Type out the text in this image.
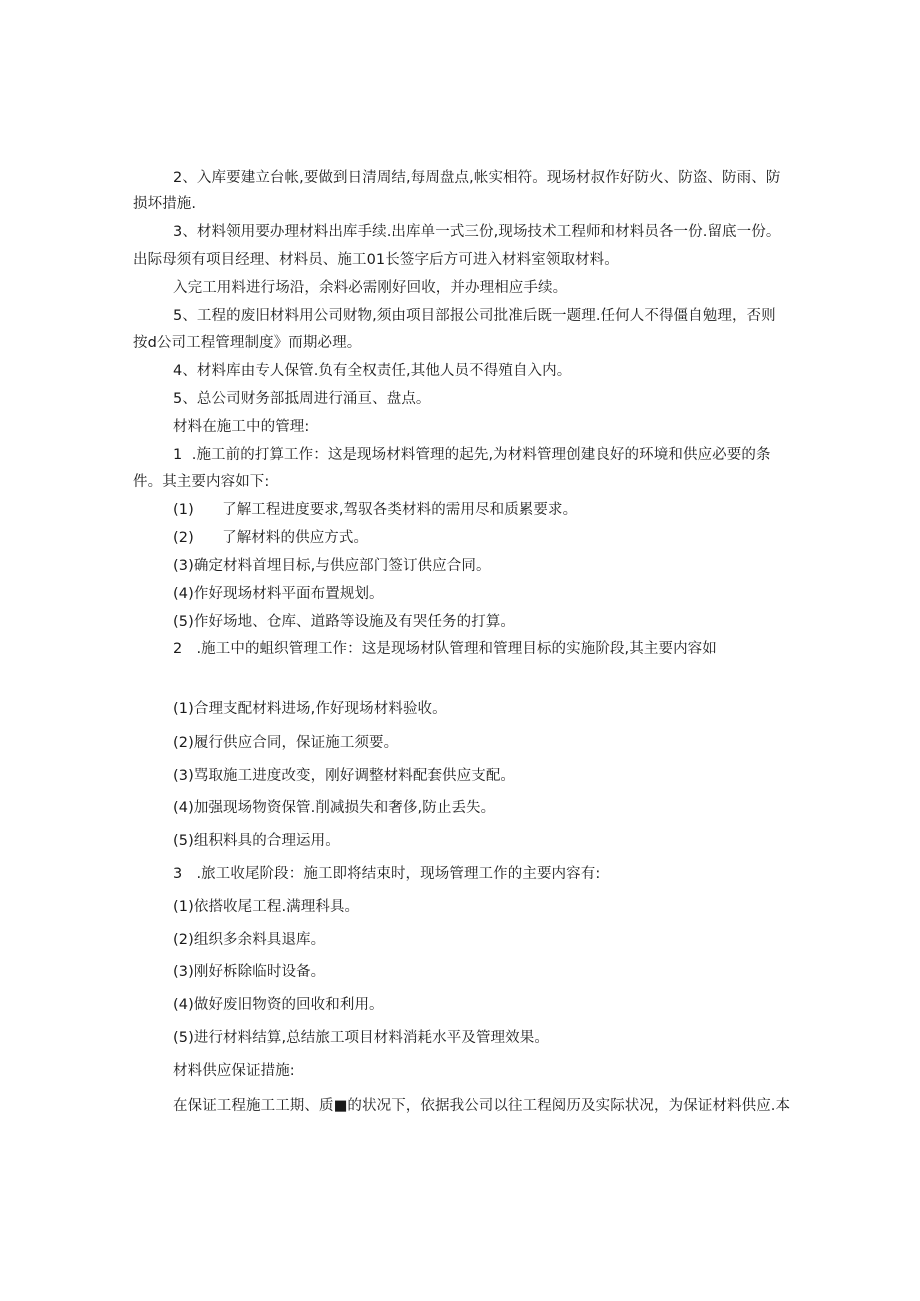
2、入库要建立台帐,要做到日清周结,每周盘点,帐实相符。现场材叔作好防火、防盗、防雨、防
损坏措施.
3、材料领用要办理材料出库手续.出库单一式三份,现场技术工程师和材料员各一份.留底一份。
出际母须有项目经理、材料员、施工01长签字后方可进入材料室领取材料。
入完工用料进行场沿，余料必需刚好回收，并办理相应手续。
5、工程的废旧材料用公司财物,须由项目部报公司批准后既一题理.任何人不得僵自勉理，否则
按d公司工程管理制度》而期必理。
4、材料库由专人保管.负有全权责任,其他人员不得殖自入内。
5、总公司财务部抵周进行涌亘、盘点。
材料在施工中的管理:
1  .施工前的打算工作：这是现场材料管理的起先,为材料管理创建良好的环境和供应必要的条
件。其主要内容如下:
(1)      了解工程进度要求,驾驭各类材料的需用尽和质累要求。
(2)      了解材料的供应方式。
(3)确定材料首埋目标,与供应部门签订供应合同。
(4)作好现场材料平面布置规划。
(5)作好场地、仓库、道路等设施及有哭任务的打算。
2   .施工中的蛆织管理工作：这是现场材队管理和管理目标的实施阶段,其主要内容如
(1)合理支配材料进场,作好现场材料验收。
(2)履行供应合同，保证施工须要。
(3)骂取施工进度改变，刚好调整材料配套供应支配。
(4)加强现场物资保管.削减损失和奢侈,防止丢失。
(5)组积料具的合理运用。
3   .旅工收尾阶段：施工即将结束时，现场管理工作的主要内容有:
(1)依搭收尾工程.满理科具。
(2)组织多余料具退库。
(3)刚好柝除临时设备。
(4)做好废旧物资的回收和利用。
(5)进行材料结算,总结旅工项目材料消耗水平及管理效果。
材料供应保证措施:
在保证工程施工工期、质■的状况下，依据我公司以往工程阅历及实际状况，为保证材料供应.本
